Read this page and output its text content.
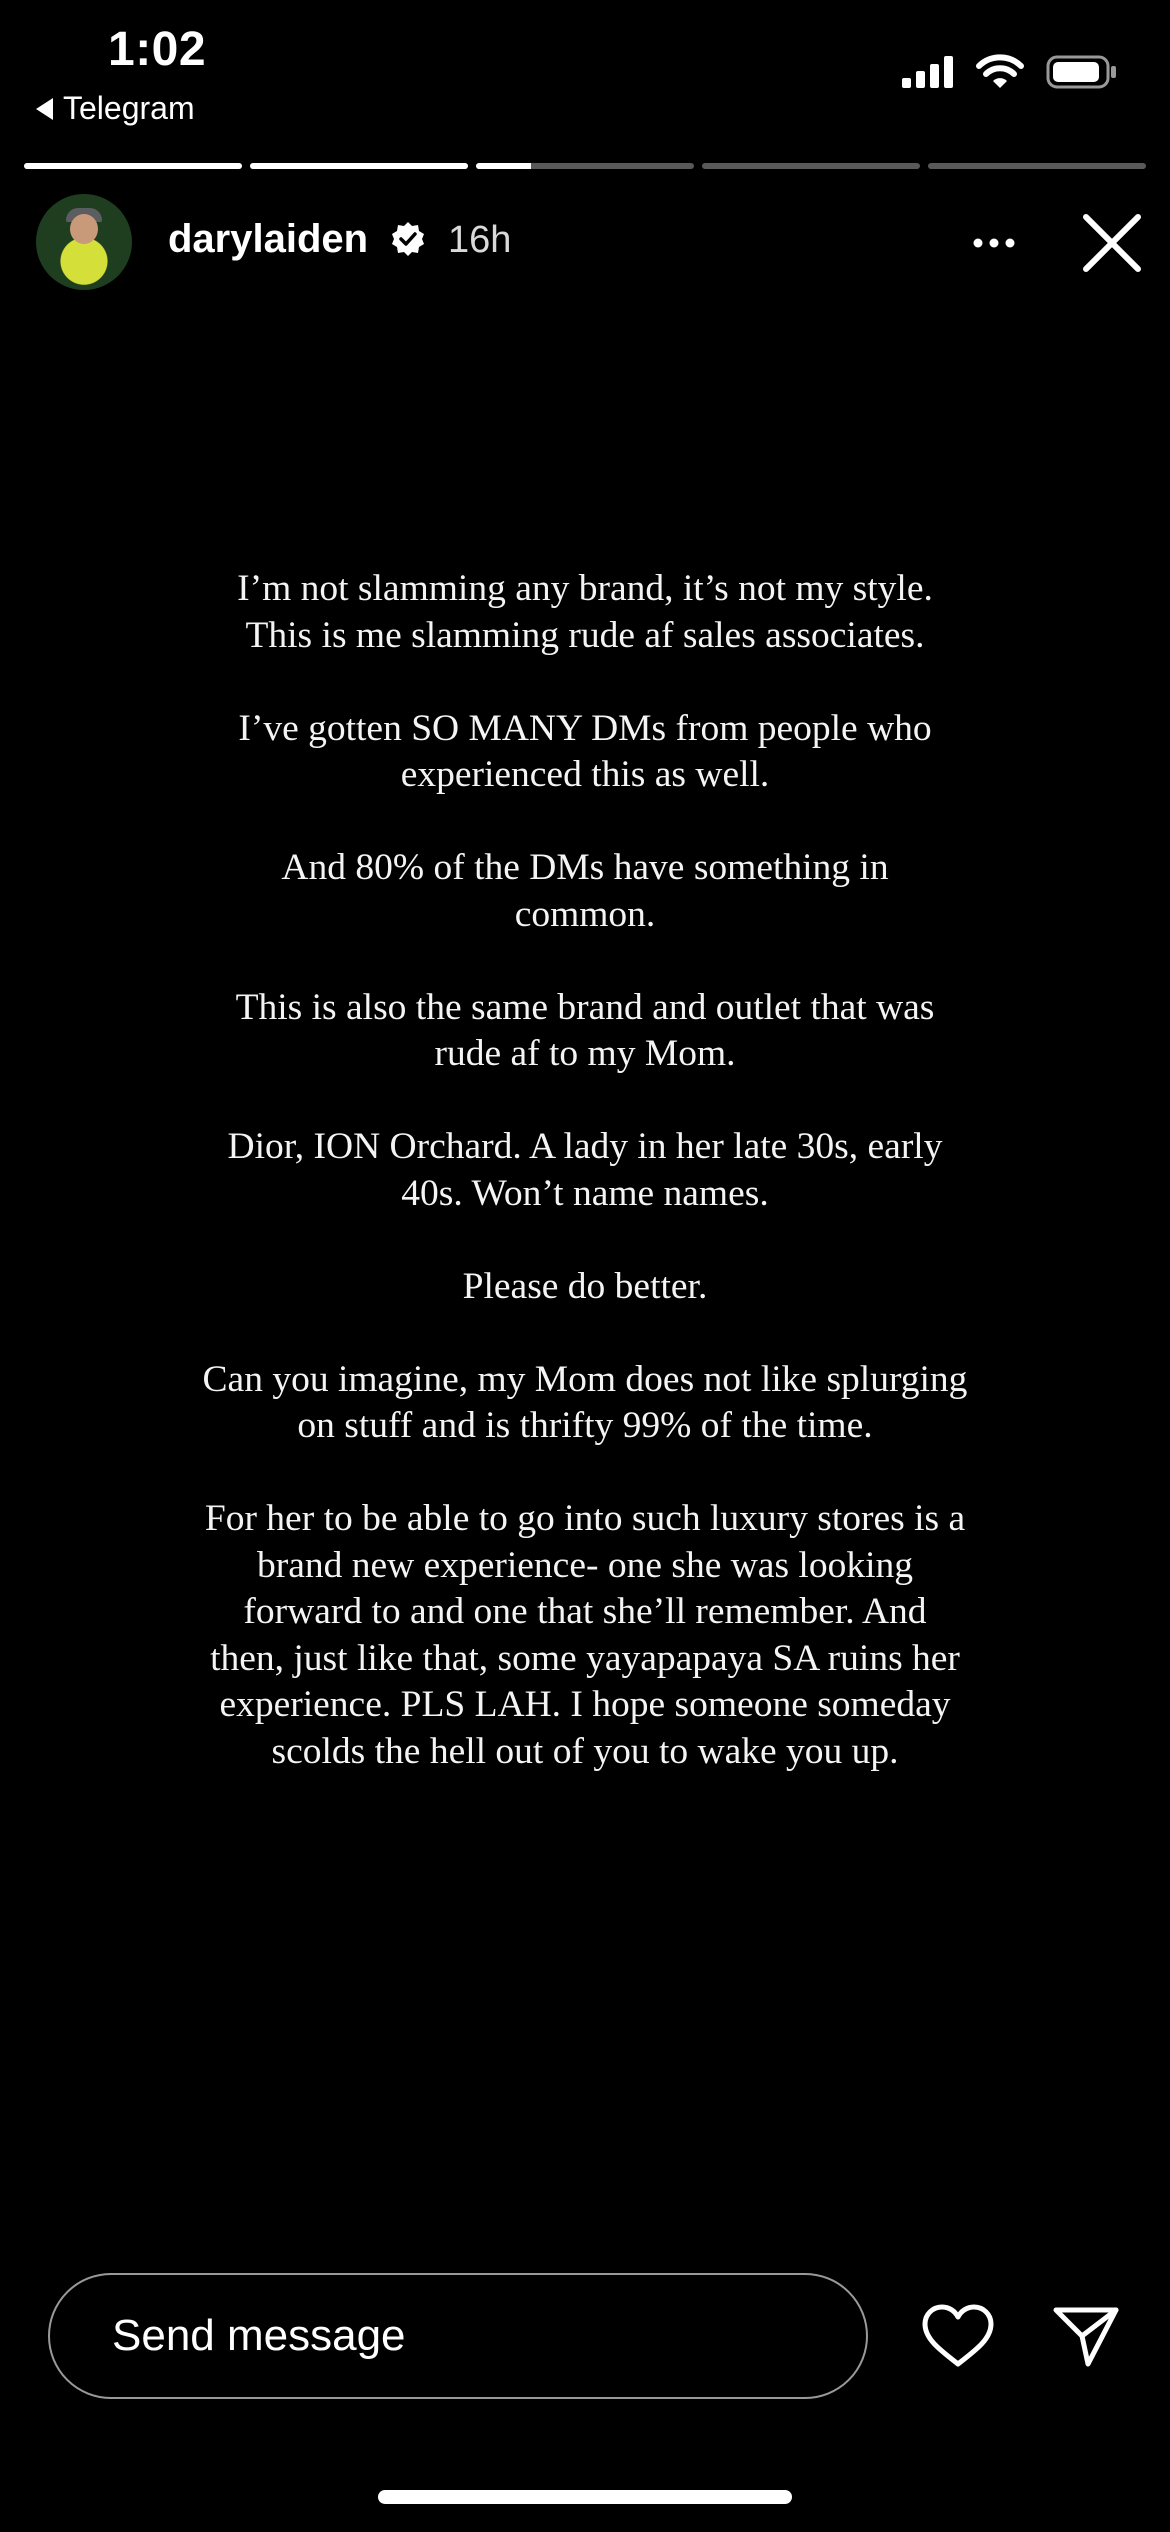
1:02
Telegram
darylaiden 16h

I’m not slamming any brand, it’s not my style.
This is me slamming rude af sales associates.

I’ve gotten SO MANY DMs from people who
experienced this as well.

And 80% of the DMs have something in
common.

This is also the same brand and outlet that was
rude af to my Mom.

Dior, ION Orchard. A lady in her late 30s, early
40s. Won’t name names.

Please do better.

Can you imagine, my Mom does not like splurging
on stuff and is thrifty 99% of the time.

For her to be able to go into such luxury stores is a
brand new experience- one she was looking
forward to and one that she’ll remember. And
then, just like that, some yayapapaya SA ruins her
experience. PLS LAH. I hope someone someday
scolds the hell out of you to wake you up.

Send message
